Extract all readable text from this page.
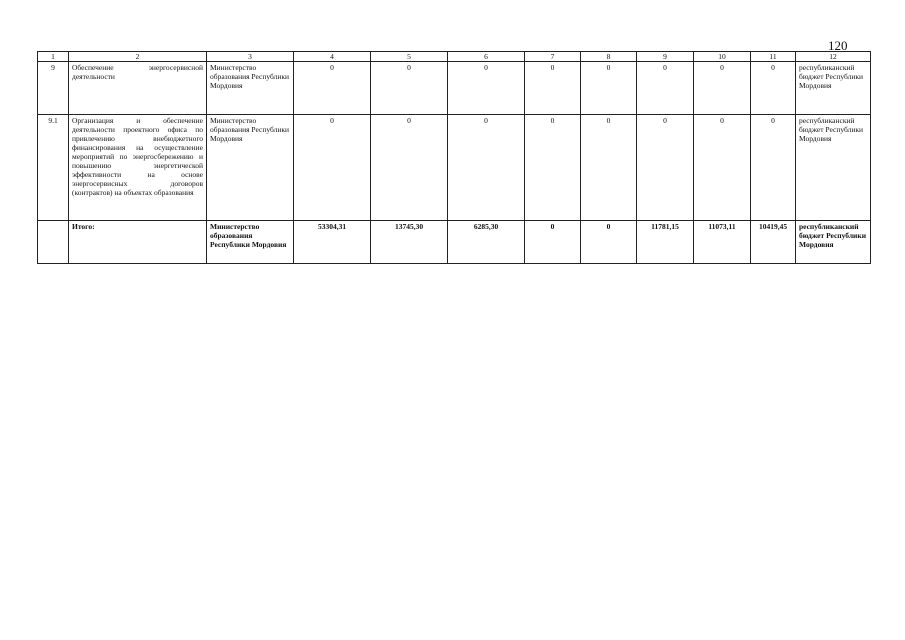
120
1	2	3	4	5	6	7	8	9	10	11	12
9	Обеспечение энергосервисной деятельности	Министерство образования Республики Мордовия	0	0	0	0	0	0	0	0	республиканский бюджет Республики Мордовия
9.1	Организация и обеспечение деятельности проектного офиса по привлечению внебюджетного финансирования на осуществление мероприятий по энергосбережению и повышению энергетической эффективности на основе энергосервисных договоров (контрактов) на объектах образования	Министерство образования Республики Мордовия	0	0	0	0	0	0	0	0	республиканский бюджет Республики Мордовия
	Итого:	Министерство образования Республики Мордовия	53304,31	13745,30	6285,30	0	0	11781,15	11073,11	10419,45	республиканский бюджет Республики Мордовия
